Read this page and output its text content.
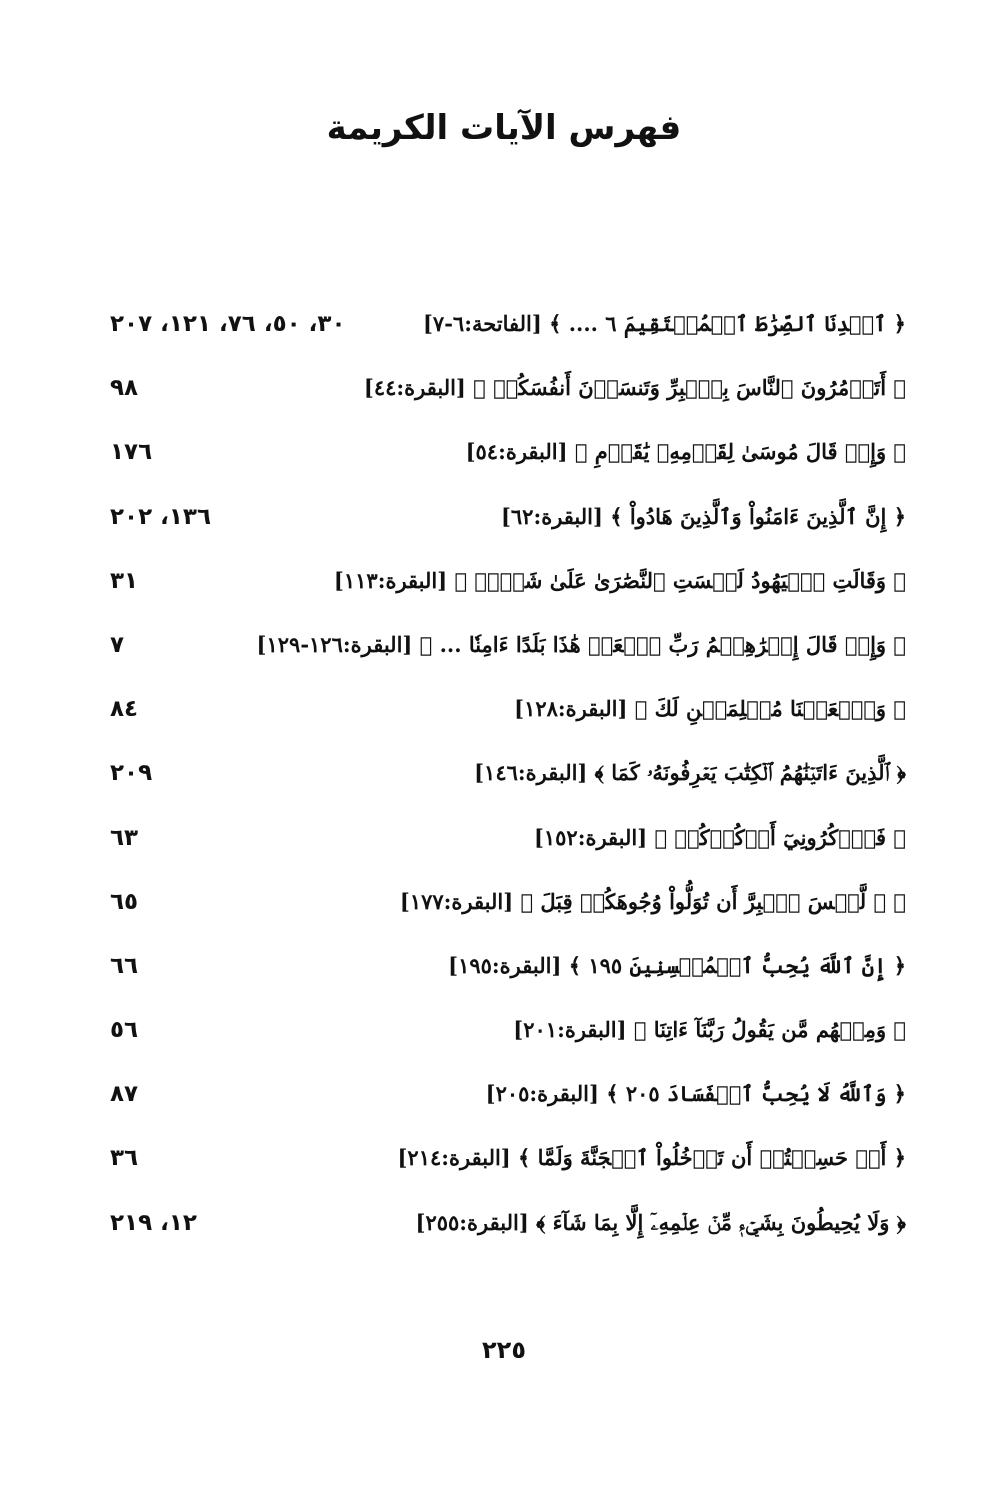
فهرس الآيات الكريمة
﴿ ٱهۡدِنَا ٱلصِّرَٰطَ ٱلۡمُسۡتَقِيمَ ٦ .... ﴾ [الفاتحة:٦-٧]
٣٠، ٥٠، ٧٦، ١٢١، ٢٠٧
﴿ أَتَأۡمُرُونَ ٱلنَّاسَ بِٱلۡبِرِّ وَتَنسَوۡنَ أَنفُسَكُمۡ ﴾ [البقرة:٤٤]
٩٨
﴿ وَإِذۡ قَالَ مُوسَىٰ لِقَوۡمِهِۦ يَٰقَوۡمِ ﴾ [البقرة:٥٤]
١٧٦
﴿ إِنَّ ٱلَّذِينَ ءَامَنُواْ وَٱلَّذِينَ هَادُواْ ﴾ [البقرة:٦٢]
١٣٦، ٢٠٢
﴿ وَقَالَتِ ٱلۡيَهُودُ لَيۡسَتِ ٱلنَّصَٰرَىٰ عَلَىٰ شَيۡءٖ ﴾ [البقرة:١١٣]
٣١
﴿ وَإِذۡ قَالَ إِبۡرَٰهِـۧمُ رَبِّ ٱجۡعَلۡ هَٰذَا بَلَدًا ءَامِنٗا ... ﴾ [البقرة:١٢٦-١٢٩]
٧
﴿ وَٱجۡعَلۡنَا مُسۡلِمَيۡنِ لَكَ ﴾ [البقرة:١٢٨]
٨٤
﴿ ٱلَّذِينَ ءَاتَيۡنَٰهُمُ ٱلۡكِتَٰبَ يَعۡرِفُونَهُۥ كَمَا ﴾ [البقرة:١٤٦]
٢٠٩
﴿ فَٱذۡكُرُونِيٓ أَذۡكُرۡكُمۡ ﴾ [البقرة:١٥٢]
٦٣
﴿ ۞ لَّيۡسَ ٱلۡبِرَّ أَن تُوَلُّواْ وُجُوهَكُمۡ قِبَلَ ﴾ [البقرة:١٧٧]
٦٥
﴿ إِنَّ ٱللَّهَ يُحِبُّ ٱلۡمُحۡسِنِينَ ١٩٥ ﴾ [البقرة:١٩٥]
٦٦
﴿ وَمِنۡهُم مَّن يَقُولُ رَبَّنَآ ءَاتِنَا ﴾ [البقرة:٢٠١]
٥٦
﴿ وَٱللَّهُ لَا يُحِبُّ ٱلۡفَسَادَ ٢٠٥ ﴾ [البقرة:٢٠٥]
٨٧
﴿ أَمۡ حَسِبۡتُمۡ أَن تَدۡخُلُواْ ٱلۡجَنَّةَ وَلَمَّا ﴾ [البقرة:٢١٤]
٣٦
﴿ وَلَا يُحِيطُونَ بِشَيۡءٖ مِّنۡ عِلۡمِهِۦٓ إِلَّا بِمَا شَآءَ ﴾ [البقرة:٢٥٥]
١٢، ٢١٩
٢٢٥
